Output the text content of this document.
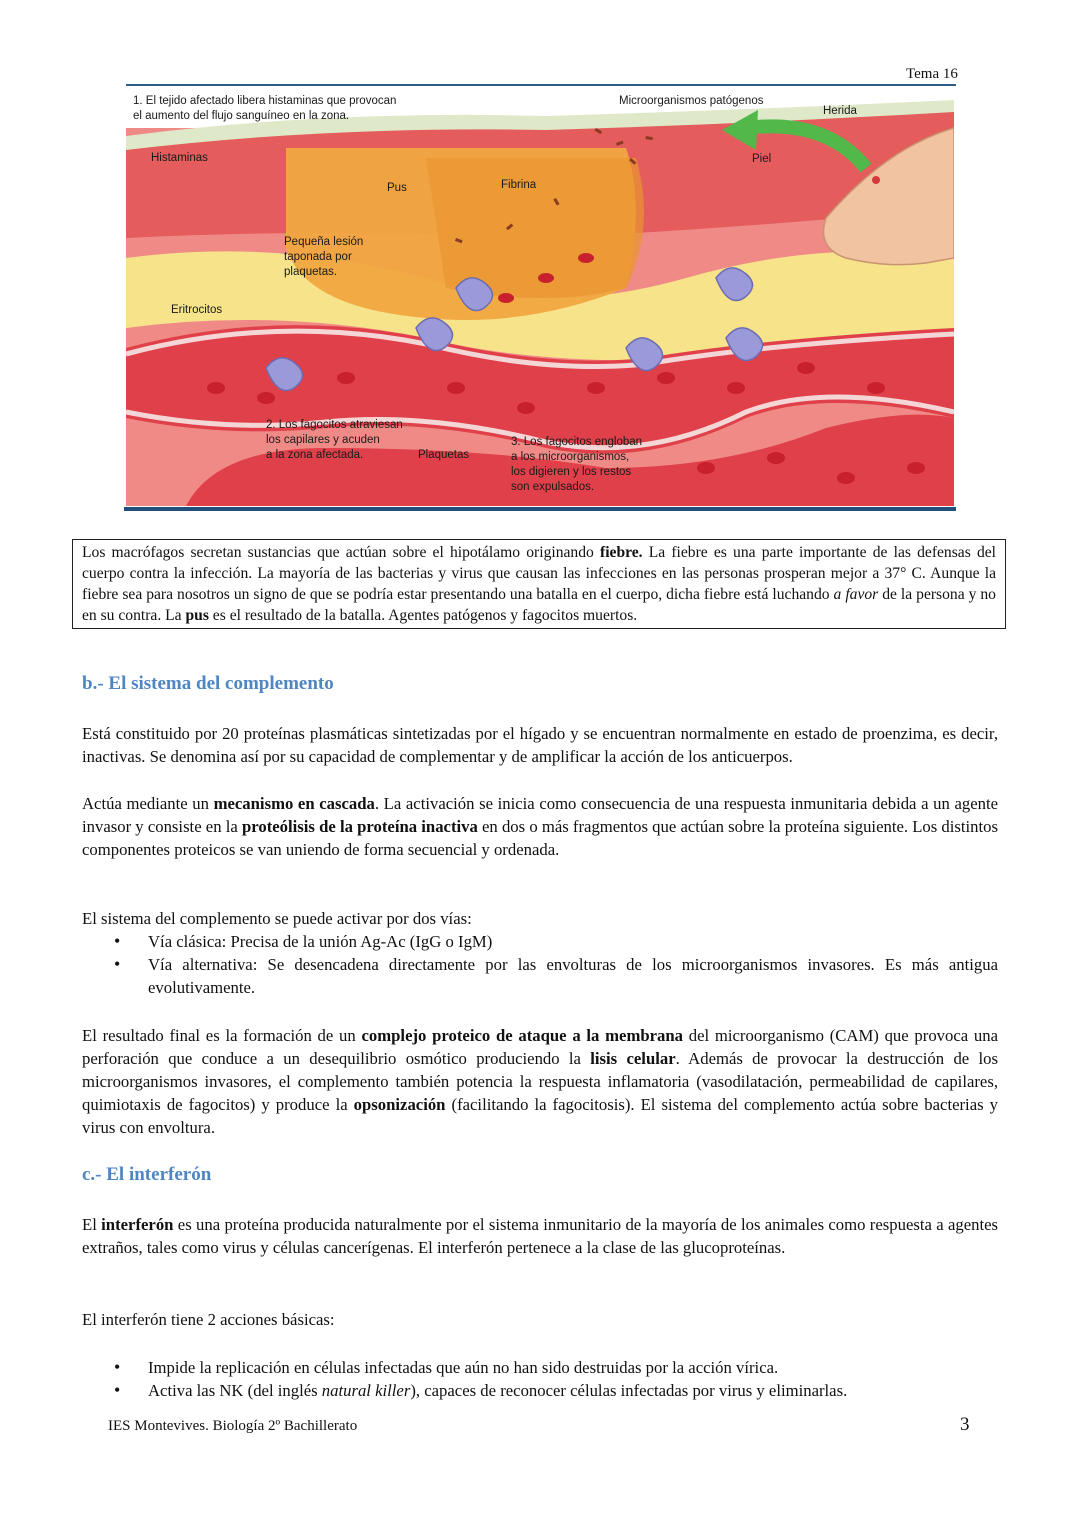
Tema 16
1. El tejido afectado libera histaminas que provocan
el aumento del flujo sanguíneo en la zona.
Microorganismos patógenos
Herida
Histaminas
Pus	Fibrina
Piel
Pequeña lesión
taponada por
plaquetas.
Eritrocitos
2. Los fagocitos atraviesan
los capilares y acuden
a la zona afectada.	Plaquetas
3. Los fagocitos engloban
a los microorganismos,
los digieren y los restos
son expulsados.
Los macrófagos secretan sustancias que actúan sobre el hipotálamo originando fiebre. La fiebre es una parte importante de las defensas del cuerpo contra la infección. La mayoría de las bacterias y virus que causan las infecciones en las personas prosperan mejor a 37° C. Aunque la fiebre sea para nosotros un signo de que se podría estar presentando una batalla en el cuerpo, dicha fiebre está luchando a favor de la persona y no en su contra. La pus es el resultado de la batalla. Agentes patógenos y fagocitos muertos.
b.- El sistema del complemento
Está constituido por 20 proteínas plasmáticas sintetizadas por el hígado y se encuentran normalmente en estado de proenzima, es decir, inactivas. Se denomina así por su capacidad de complementar y de amplificar la acción de los anticuerpos.
Actúa mediante un mecanismo en cascada. La activación se inicia como consecuencia de una respuesta inmunitaria debida a un agente invasor y consiste en la proteólisis de la proteína inactiva en dos o más fragmentos que actúan sobre la proteína siguiente. Los distintos componentes proteicos se van uniendo de forma secuencial y ordenada.
El sistema del complemento se puede activar por dos vías:
• Vía clásica: Precisa de la unión Ag-Ac (IgG o IgM)
• Vía alternativa: Se desencadena directamente por las envolturas de los microorganismos invasores. Es más antigua evolutivamente.
El resultado final es la formación de un complejo proteico de ataque a la membrana del microorganismo (CAM) que provoca una perforación que conduce a un desequilibrio osmótico produciendo la lisis celular. Además de provocar la destrucción de los microorganismos invasores, el complemento también potencia la respuesta inflamatoria (vasodilatación, permeabilidad de capilares, quimiotaxis de fagocitos) y produce la opsonización (facilitando la fagocitosis). El sistema del complemento actúa sobre bacterias y virus con envoltura.
c.- El interferón
El interferón es una proteína producida naturalmente por el sistema inmunitario de la mayoría de los animales como respuesta a agentes extraños, tales como virus y células cancerígenas. El interferón pertenece a la clase de las glucoproteínas.
El interferón tiene 2 acciones básicas:
• Impide la replicación en células infectadas que aún no han sido destruidas por la acción vírica.
• Activa las NK (del inglés natural killer), capaces de reconocer células infectadas por virus y eliminarlas.
IES Montevives. Biología 2º Bachillerato	3
